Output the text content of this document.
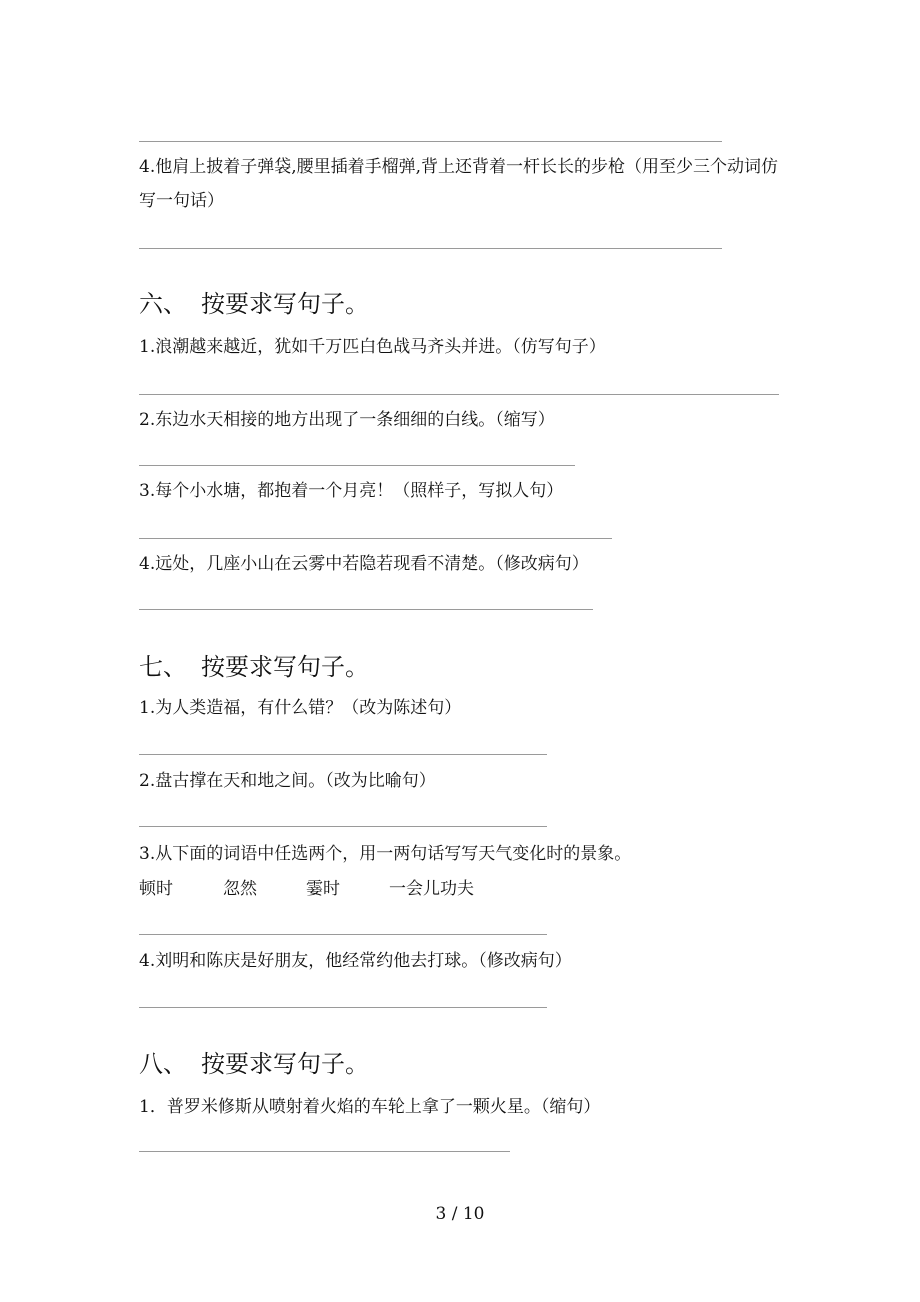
4.他肩上披着子弹袋,腰里插着手榴弹,背上还背着一杆长长的步枪（用至少三个动词仿写一句话）
六、 按要求写句子。
1.浪潮越来越近，犹如千万匹白色战马齐头并进。（仿写句子）
2.东边水天相接的地方出现了一条细细的白线。（缩写）
3.每个小水塘，都抱着一个月亮！（照样子，写拟人句）
4.远处，几座小山在云雾中若隐若现看不清楚。（修改病句）
七、 按要求写句子。
1.为人类造福，有什么错？（改为陈述句）
2.盘古撑在天和地之间。（改为比喻句）
3.从下面的词语中任选两个，用一两句话写写天气变化时的景象。
顿时	忽然	霎时	一会儿功夫
4.刘明和陈庆是好朋友，他经常约他去打球。（修改病句）
八、 按要求写句子。
1．普罗米修斯从喷射着火焰的车轮上拿了一颗火星。（缩句）
3 / 10
